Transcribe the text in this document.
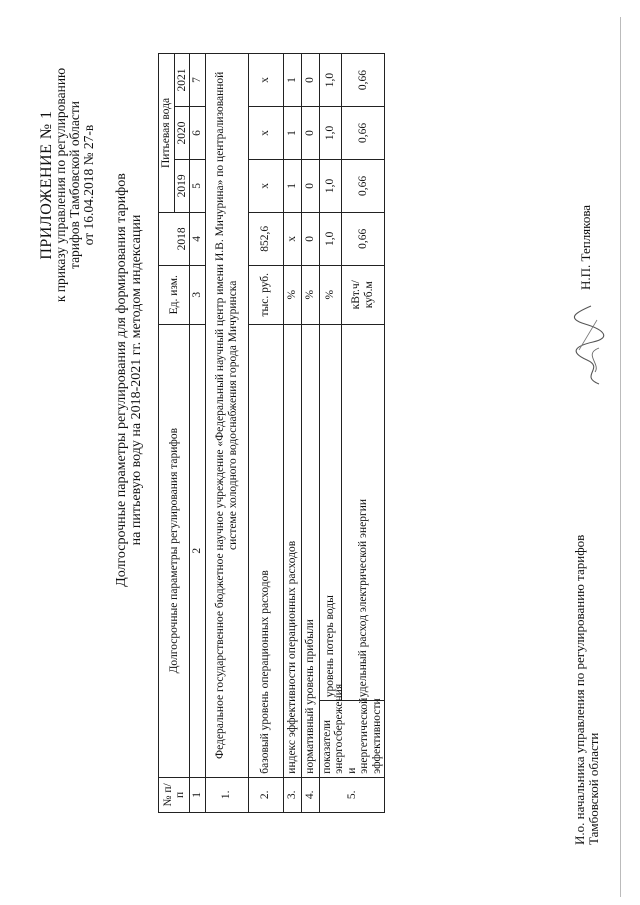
ПРИЛОЖЕНИЕ № 1
к приказу управления по регулированию тарифов Тамбовской области от 16.04.2018 № 27-в Долгосрочные параметры регулирования для формирования тарифов на питьевую воду на 2018-2021 гг. методом индексации
№ п/п	Долгосрочные параметры регулирования тарифов		Ед. изм.	2018	Питьевая вода		
					2019	2020	2021
1	2		3	4	5	6	7
1.	Федеральное государственное бюджетное научное учреждение «Федеральный научный центр имени И.В. Мичурина» по централизованной системе холодного водоснабжения города Мичуринска						
2.	базовый уровень операционных расходов		тыс. руб.	852,6	х	х	х
3.	индекс эффективности операционных расходов		%	х	1	1	1
4.	нормативный уровень прибыли		%	0	0	0	0
5.	показатели энергосбережения и энергетической эффективности	уровень потерь воды	%	1,0	1,0	1,0	1,0
		удельный расход электрической энергии	кВт.ч/куб.м	0,66	0,66	0,66	0,66
И.о. начальника управления по регулированию тарифов Тамбовской области
Н.П. Теплякова
